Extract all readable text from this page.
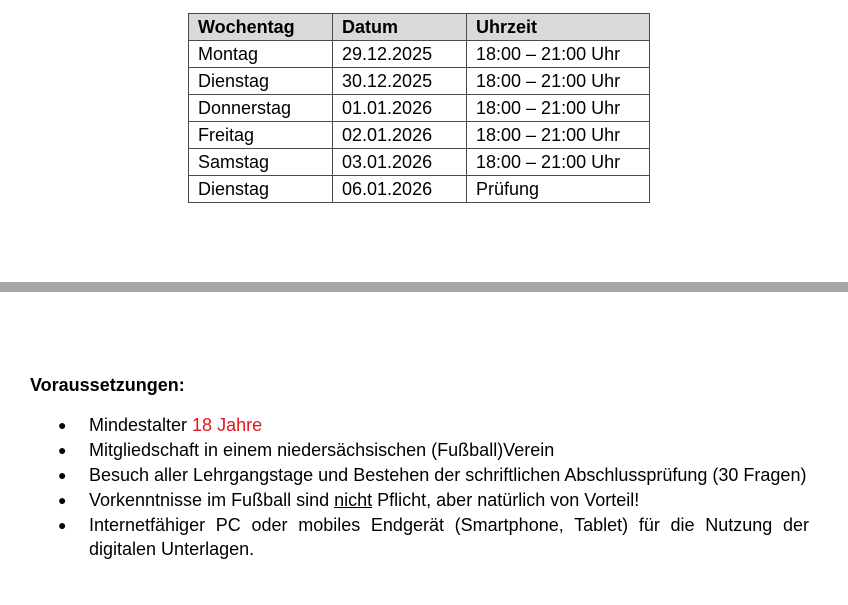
Wochentag	Datum	Uhrzeit
Montag	29.12.2025	18:00 – 21:00 Uhr
Dienstag	30.12.2025	18:00 – 21:00 Uhr
Donnerstag	01.01.2026	18:00 – 21:00 Uhr
Freitag	02.01.2026	18:00 – 21:00 Uhr
Samstag	03.01.2026	18:00 – 21:00 Uhr
Dienstag	06.01.2026	Prüfung
Voraussetzungen:
● Mindestalter 18 Jahre
● Mitgliedschaft in einem niedersächsischen (Fußball)Verein
● Besuch aller Lehrgangstage und Bestehen der schriftlichen Abschlussprüfung (30 Fragen)
● Vorkenntnisse im Fußball sind nicht Pflicht, aber natürlich von Vorteil!
● Internetfähiger PC oder mobiles Endgerät (Smartphone, Tablet) für die Nutzung der digitalen Unterlagen.
